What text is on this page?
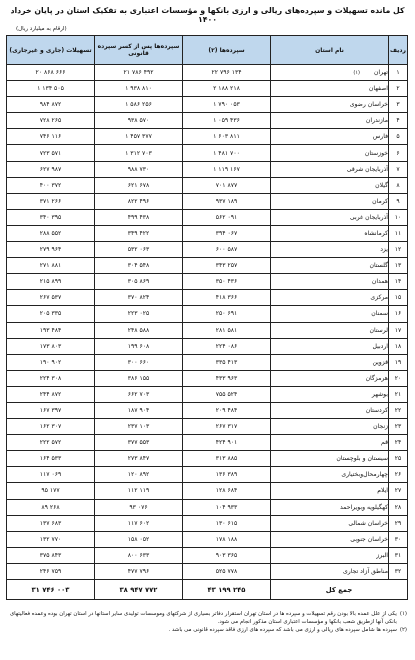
کل مانده تسهیلات و سپرده‌های ریالی و ارزی بانکها و مؤسسات اعتباری به تفکیک استان در پایان خرداد ۱۴۰۰
(ارقام به میلیارد ریال)
تسهیلات (جاری و غیرجاری)	سپرده‌ها پس از کسر سپرده قانونی	سپرده‌ها (۲)	نام استان	ردیف
۲۰ ۸۶۸ ۶۶۶	۲۱ ۷۸۶ ۴۹۲	۲۲ ۷۹۶ ۱۳۴	تهران(۱)	۱
۱ ۱۳۴ ۵۰۵	۱ ۹۳۸ ۸۱۰	۲ ۱۸۸ ۲۱۸	اصفهان	۲
۹۸۴ ۸۷۲	۱ ۵۸۶ ۲۵۶	۱ ۷۹۰ ۰۵۳	خراسان رضوی	۳
۷۲۸ ۲۶۵	۹۳۸ ۵۷۰	۱ ۰۵۹ ۴۳۶	مازندران	۴
۷۴۶ ۱۱۶	۱ ۴۵۷ ۳۷۷	۱ ۶۰۳ ۸۱۱	فارس	۵
۷۲۳ ۵۷۱	۱ ۳۱۲ ۷۰۳	۱ ۴۸۱ ۷۰۰	خوزستان	۶
۶۲۷ ۹۸۷	۹۸۸ ۷۳۰	۱ ۱۱۹ ۱۶۷	آذربایجان شرقی	۷
۴۰۰ ۳۷۲	۶۲۱ ۶۷۸	۷۰۱ ۸۷۷	گیلان	۸
۳۷۱ ۲۶۶	۸۲۲ ۴۹۶	۹۳۷ ۱۸۹	کرمان	۹
۳۴۰ ۳۹۵	۴۹۹ ۴۳۸	۵۶۲ ۰۹۱	آذربایجان غربی	۱۰
۲۸۸ ۵۵۲	۳۴۹ ۴۲۲	۳۹۴ ۰۶۷	کرمانشاه	۱۱
۲۷۹ ۹۶۴	۵۳۲ ۰۶۳	۶۰۰ ۵۸۷	یزد	۱۲
۲۷۱ ۸۸۱	۳۰۴ ۵۴۸	۳۴۳ ۲۵۷	گلستان	۱۳
۲۱۵ ۸۹۹	۳۰۵ ۸۶۹	۳۵۰ ۴۳۶	همدان	۱۴
۲۶۷ ۵۳۷	۳۷۰ ۸۲۴	۴۱۸ ۳۶۶	مرکزی	۱۵
۲۰۵ ۳۳۵	۲۲۳ ۰۲۵	۲۵۰ ۶۹۱	سمنان	۱۶
۱۹۳ ۴۸۴	۲۴۸ ۵۸۸	۲۸۱ ۵۸۱	لرستان	۱۷
۱۷۳ ۸۰۳	۱۹۹ ۶۰۸	۲۲۴ ۰۸۶	اردبیل	۱۸
۱۹۰ ۹۰۲	۳۰۰ ۶۶۰	۳۳۵ ۴۱۳	قزوین	۱۹
۲۲۴ ۳۰۸	۳۸۶ ۱۵۵	۴۳۳ ۹۶۳	هرمزگان	۲۰
۲۴۴ ۸۷۲	۶۶۲ ۷۰۳	۷۵۵ ۵۲۴	بوشهر	۲۱
۱۶۷ ۳۹۷	۱۸۷ ۹۰۴	۲۰۹ ۴۸۴	کردستان	۲۲
۱۶۲ ۳۰۷	۲۳۷ ۱۰۳	۲۶۷ ۳۱۷	زنجان	۲۳
۲۲۲ ۵۷۲	۳۷۷ ۵۵۳	۴۲۴ ۹۰۱	قم	۲۴
۱۶۴ ۵۳۳	۲۷۳ ۸۴۷	۳۱۳ ۸۸۵	سیستان و بلوچستان	۲۵
۱۱۷ ۰۶۹	۱۲۰ ۸۹۲	۱۳۶ ۳۸۹	چهارمحال‌وبختیاری	۲۶
۹۵ ۱۷۷	۱۱۲ ۱۱۹	۱۲۸ ۶۸۴	ایلام	۲۷
۸۹ ۲۶۸	۹۳ ۰۷۶	۱۰۴ ۹۳۳	کهگیلویه وبویراحمد	۲۸
۱۳۷ ۶۸۳	۱۱۷ ۶۰۲	۱۳۰ ۶۱۵	خراسان شمالی	۲۹
۱۳۲ ۷۷۰	۱۵۸ ۰۵۲	۱۷۸ ۱۸۸	خراسان جنوبی	۳۰
۳۷۵ ۸۴۳	۸۰۰ ۶۳۳	۹۰۳ ۳۶۵	البرز	۳۱
۲۴۶ ۷۵۹	۴۷۷ ۷۹۶	۵۲۵ ۷۷۸	مناطق آزاد تجاری	۳۲
۳۱ ۷۴۶ ۰۰۳	۳۸ ۹۴۷ ۷۷۲	۴۳ ۱۹۹ ۲۴۵	جمع کل	
(۱)
یکی از علل عمده بالا بودن رقم تسهیلات و سپرده ها در استان تهران استقرار دفاتر بسیاری از شرکتهای وموسسات تولیدی سایر استانها در استان تهران بوده وعمده فعالیتهای بانکی آنها ازطریق شعب بانکها و مؤسسات اعتباری استان مذکور انجام می شود.
(۲)
سپرده ها شامل سپرده های ریالی و ارزی می باشد که سپرده های ارزی فاقد سپرده قانونی می باشد .
